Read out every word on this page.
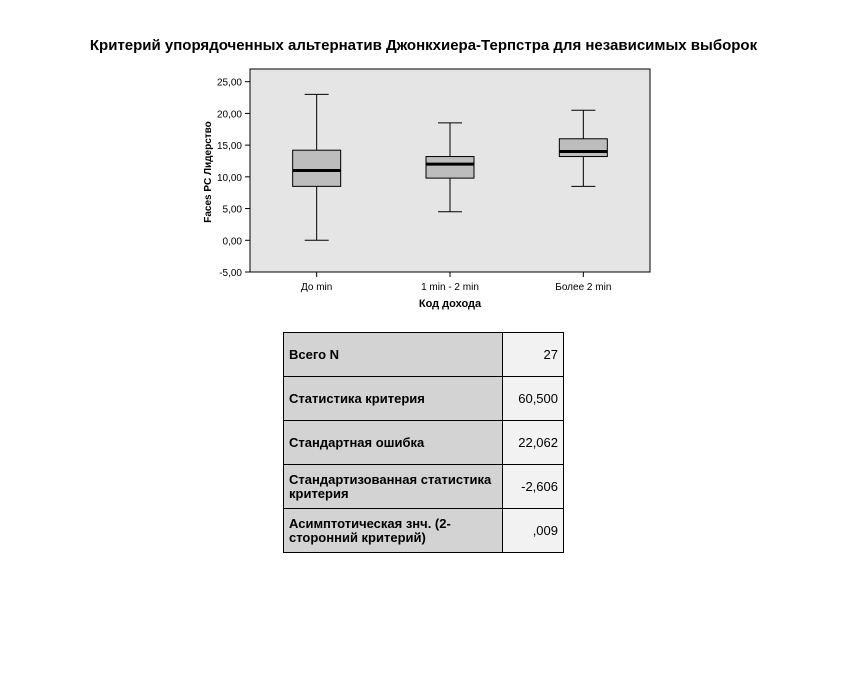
Критерий упорядоченных альтернатив Джонкхиера-Терпстра для независимых выборок
25,00
20,00
15,00
10,00
5,00
0,00
-5,00
До min	1 min - 2 min	Более 2 min
Faces PC Лидерство
Код дохода
Всего N	27
Статистика критерия	60,500
Стандартная ошибка	22,062
Стандартизованная статистика критерия	-2,606
Асимптотическая знч. (2-сторонний критерий)	,009
